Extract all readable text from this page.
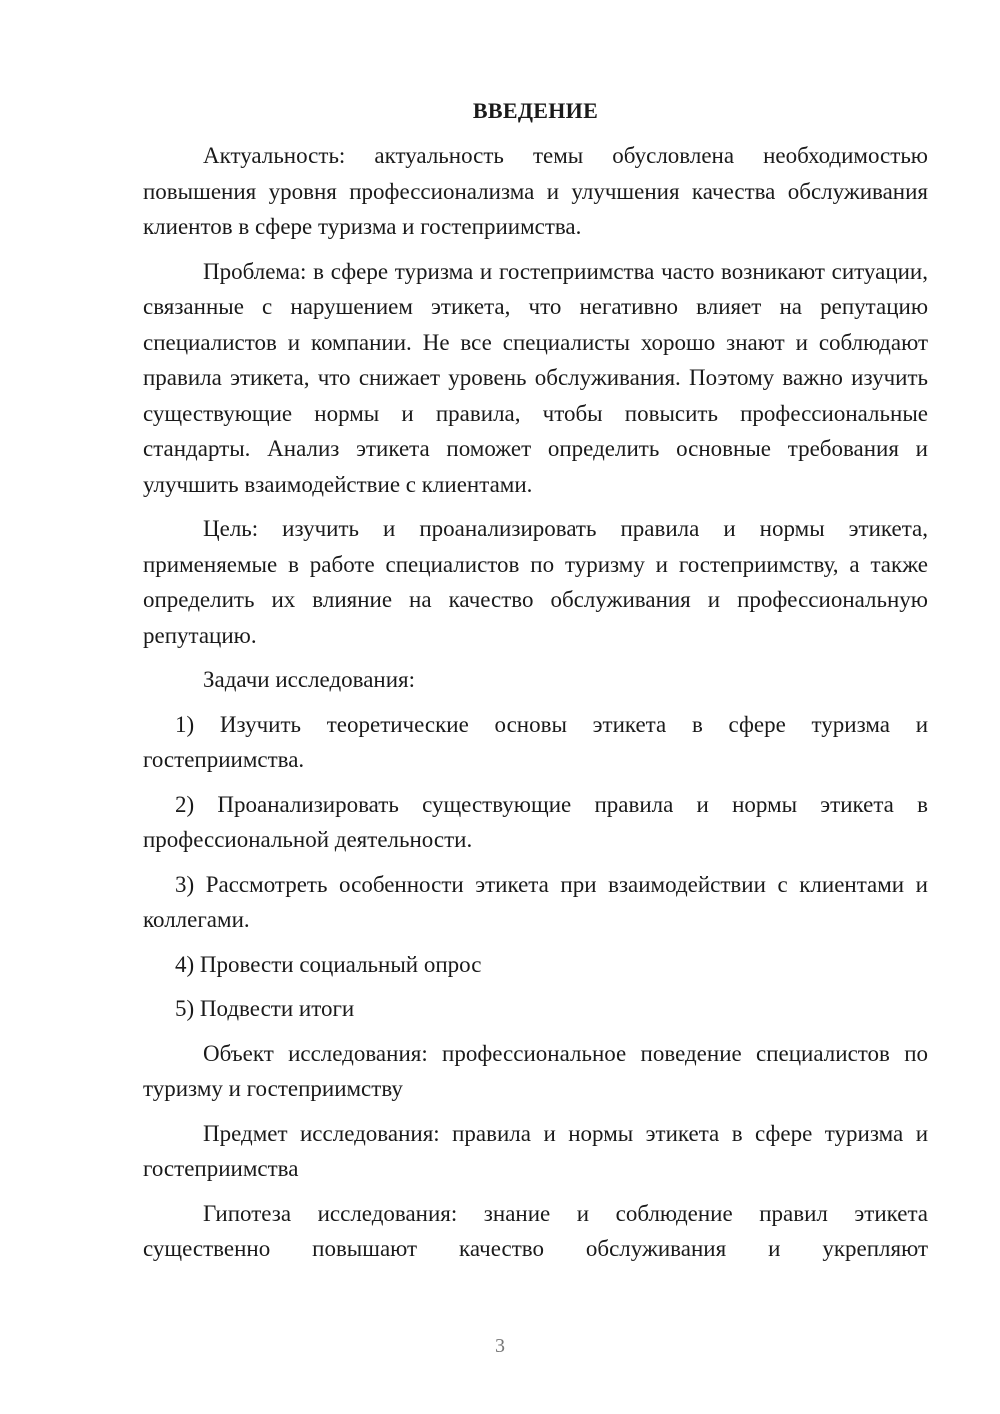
ВВЕДЕНИЕ

Актуальность: актуальность темы обусловлена необходимостью повышения уровня профессионализма и улучшения качества обслуживания клиентов в сфере туризма и гостеприимства.

Проблема: в сфере туризма и гостеприимства часто возникают ситуации, связанные с нарушением этикета, что негативно влияет на репутацию специалистов и компании. Не все специалисты хорошо знают и соблюдают правила этикета, что снижает уровень обслуживания. Поэтому важно изучить существующие нормы и правила, чтобы повысить профессиональные стандарты. Анализ этикета поможет определить основные требования и улучшить взаимодействие с клиентами.

Цель: изучить и проанализировать правила и нормы этикета, применяемые в работе специалистов по туризму и гостеприимству, а также определить их влияние на качество обслуживания и профессиональную репутацию.

Задачи исследования:

1) Изучить теоретические основы этикета в сфере туризма и гостеприимства.

2) Проанализировать существующие правила и нормы этикета в профессиональной деятельности.

3) Рассмотреть особенности этикета при взаимодействии с клиентами и коллегами.

4) Провести социальный опрос

5) Подвести итоги

Объект исследования: профессиональное поведение специалистов по туризму и гостеприимству

Предмет исследования: правила и нормы этикета в сфере туризма и гостеприимства

Гипотеза исследования: знание и соблюдение правил этикета существенно повышают качество обслуживания и укрепляют

3
